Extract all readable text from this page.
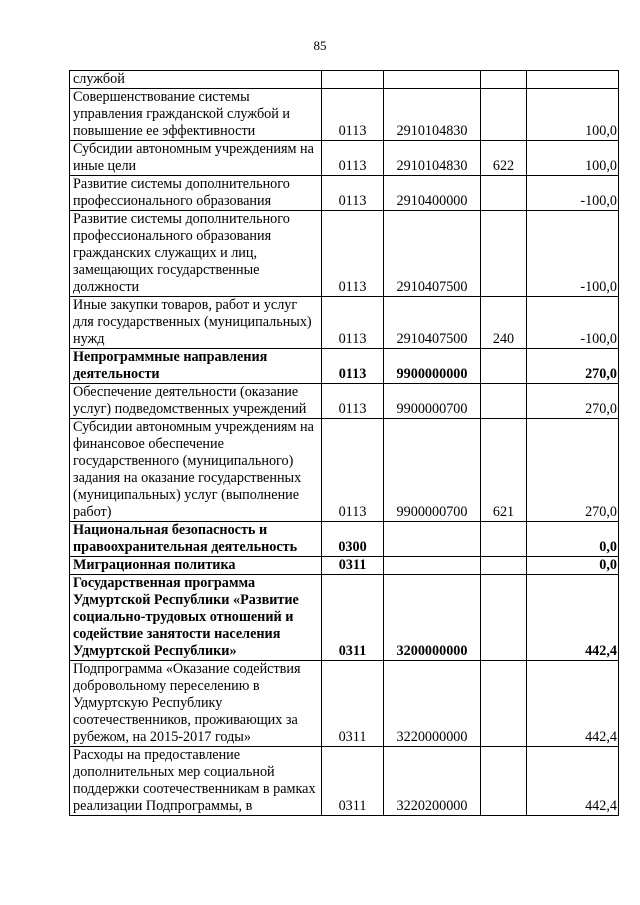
85
службой				
Совершенствование системы управления гражданской службой и повышение ее эффективности	0113	2910104830		100,0
Субсидии автономным учреждениям на иные цели	0113	2910104830	622	100,0
Развитие системы дополнительного профессионального образования	0113	2910400000		-100,0
Развитие системы дополнительного профессионального образования гражданских служащих и лиц, замещающих государственные должности	0113	2910407500		-100,0
Иные закупки товаров, работ и услуг для государственных (муниципальных) нужд	0113	2910407500	240	-100,0
Непрограммные направления деятельности	0113	9900000000		270,0
Обеспечение деятельности (оказание услуг) подведомственных учреждений	0113	9900000700		270,0
Субсидии автономным учреждениям на финансовое обеспечение государственного (муниципального) задания на оказание государственных (муниципальных) услуг (выполнение работ)	0113	9900000700	621	270,0
Национальная безопасность и правоохранительная деятельность	0300			0,0
Миграционная политика	0311			0,0
Государственная программа Удмуртской Республики «Развитие социально-трудовых отношений и содействие занятости населения Удмуртской Республики»	0311	3200000000		442,4
Подпрограмма «Оказание содействия добровольному переселению в Удмуртскую Республику соотечественников, проживающих за рубежом, на 2015-2017 годы»	0311	3220000000		442,4
Расходы на предоставление дополнительных мер социальной поддержки соотечественникам в рамках реализации Подпрограммы, в	0311	3220200000		442,4
